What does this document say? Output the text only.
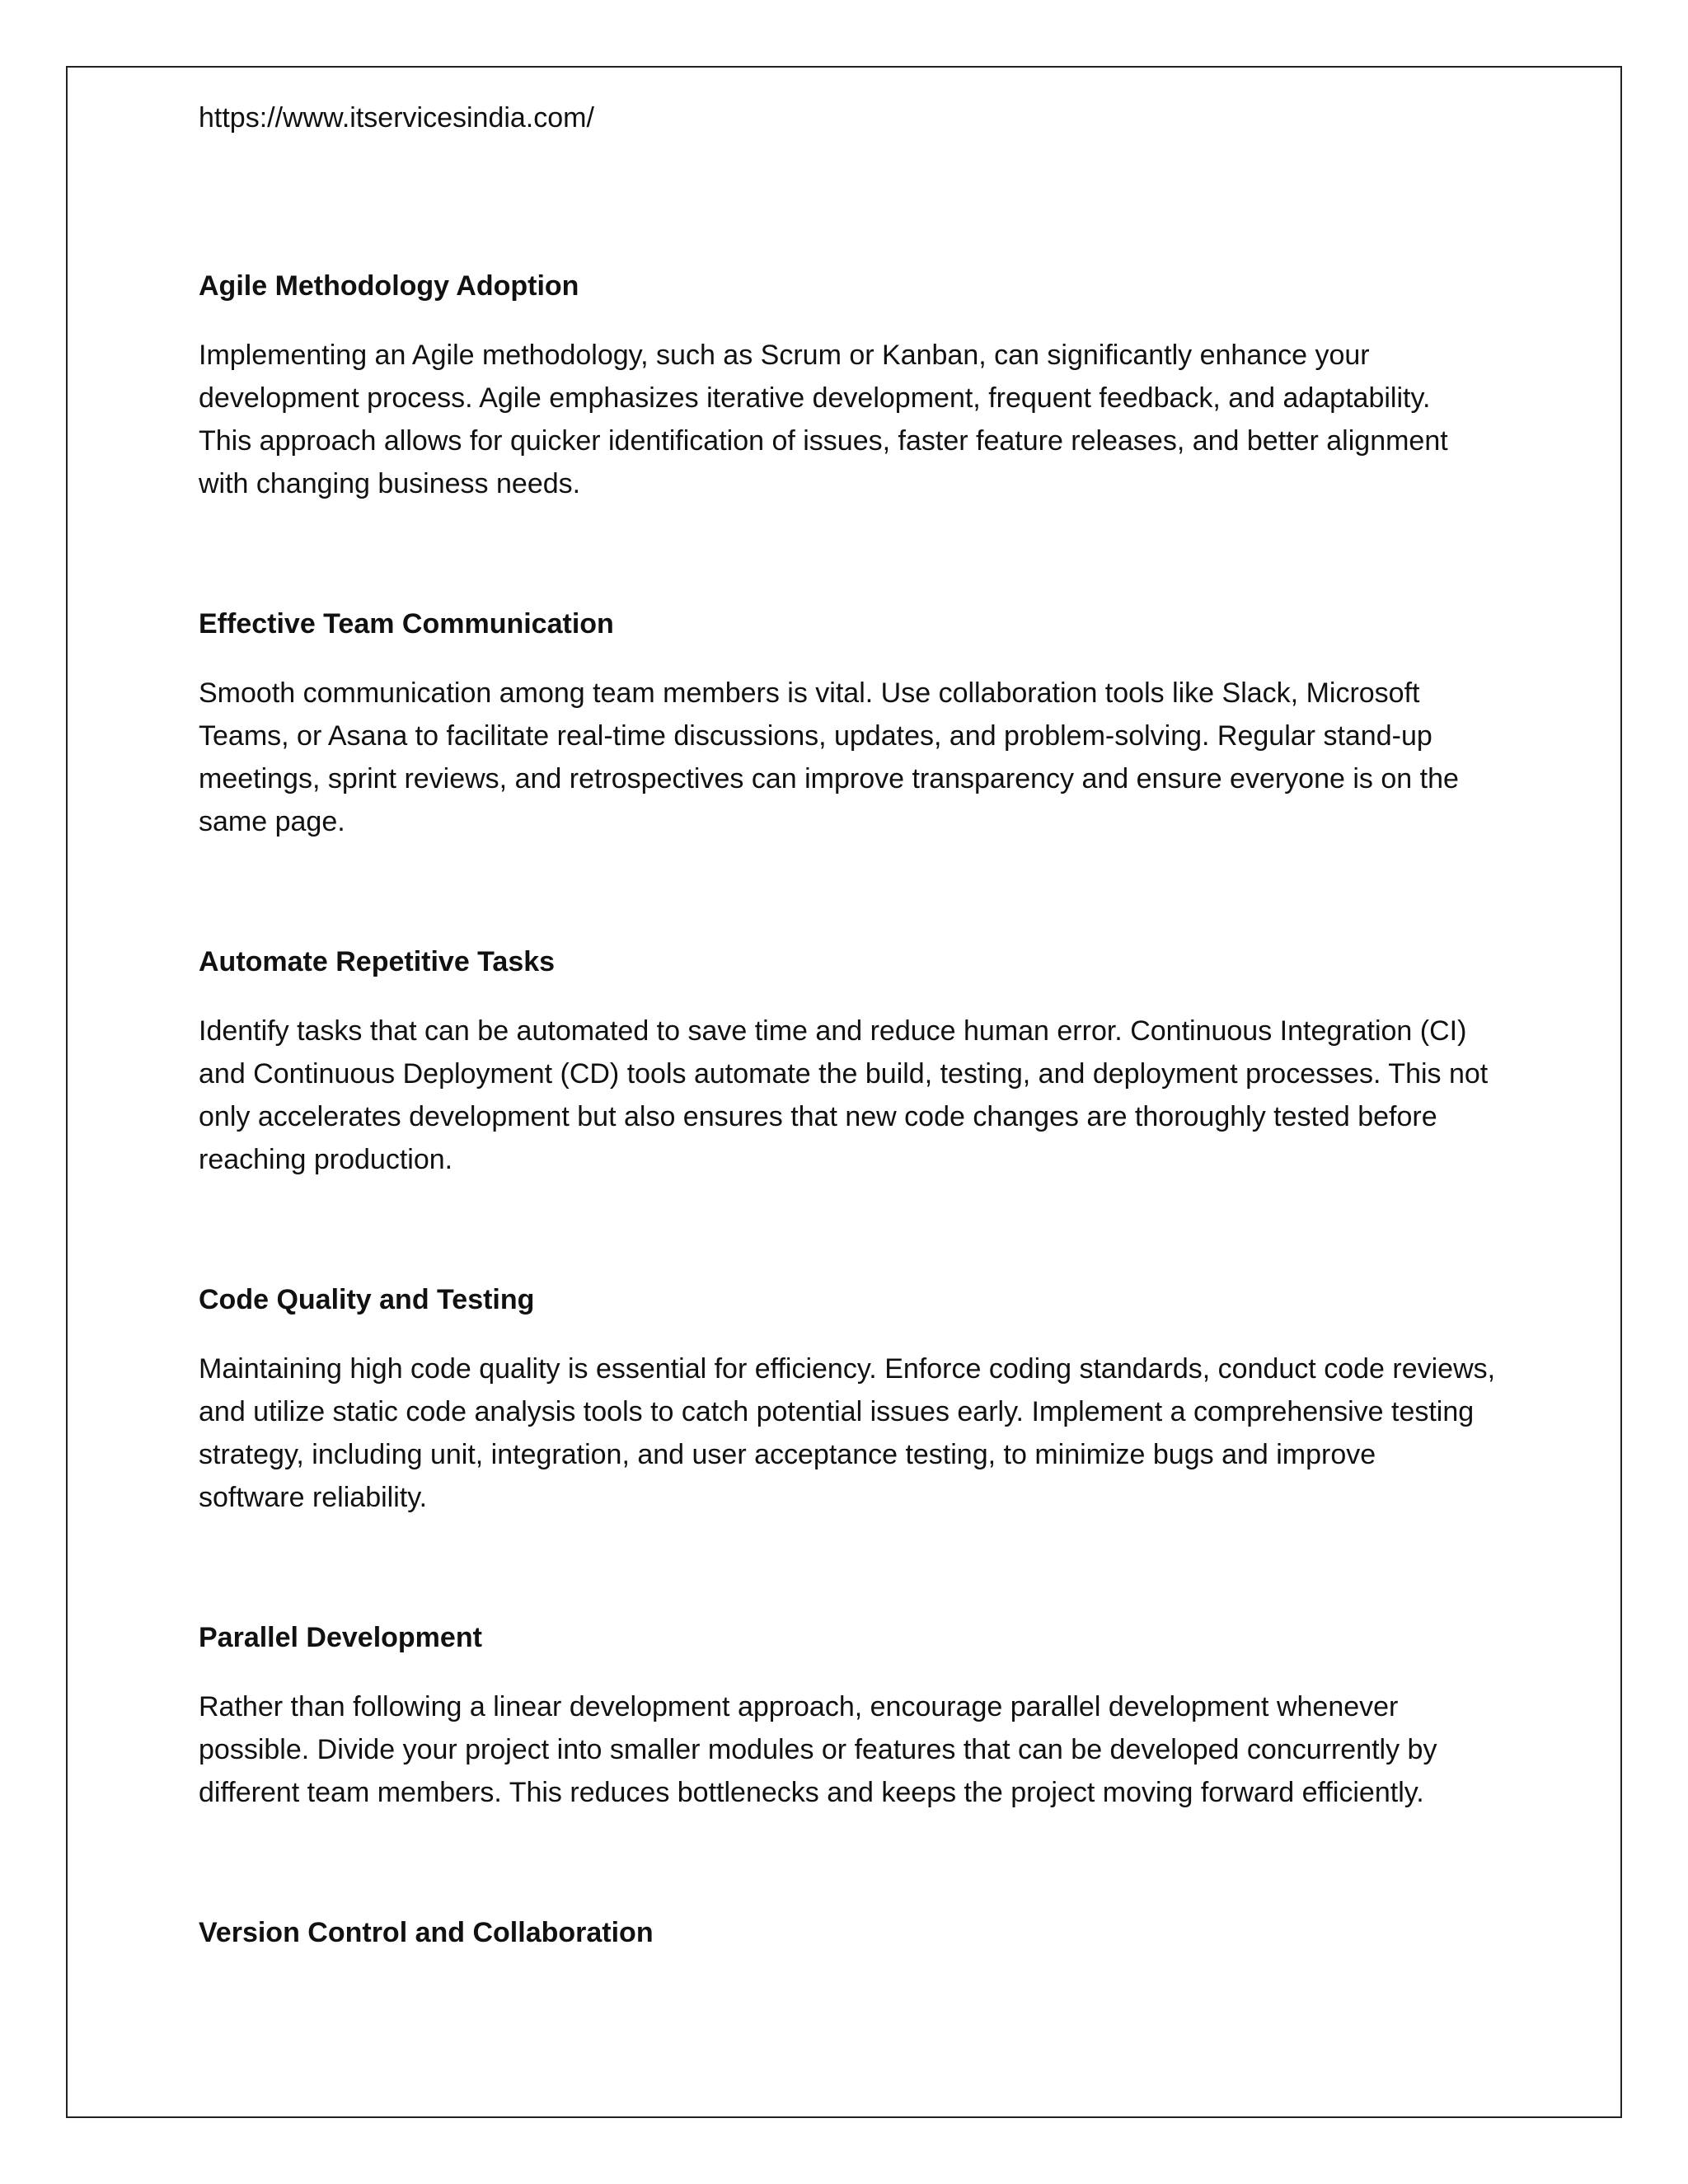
https://www.itservicesindia.com/

Agile Methodology Adoption

Implementing an Agile methodology, such as Scrum or Kanban, can significantly enhance your
development process. Agile emphasizes iterative development, frequent feedback, and adaptability.
This approach allows for quicker identification of issues, faster feature releases, and better alignment
with changing business needs.

Effective Team Communication

Smooth communication among team members is vital. Use collaboration tools like Slack, Microsoft
Teams, or Asana to facilitate real-time discussions, updates, and problem-solving. Regular stand-up
meetings, sprint reviews, and retrospectives can improve transparency and ensure everyone is on the
same page.

Automate Repetitive Tasks

Identify tasks that can be automated to save time and reduce human error. Continuous Integration (CI)
and Continuous Deployment (CD) tools automate the build, testing, and deployment processes. This not
only accelerates development but also ensures that new code changes are thoroughly tested before
reaching production.

Code Quality and Testing

Maintaining high code quality is essential for efficiency. Enforce coding standards, conduct code reviews,
and utilize static code analysis tools to catch potential issues early. Implement a comprehensive testing
strategy, including unit, integration, and user acceptance testing, to minimize bugs and improve
software reliability.

Parallel Development

Rather than following a linear development approach, encourage parallel development whenever
possible. Divide your project into smaller modules or features that can be developed concurrently by
different team members. This reduces bottlenecks and keeps the project moving forward efficiently.

Version Control and Collaboration
